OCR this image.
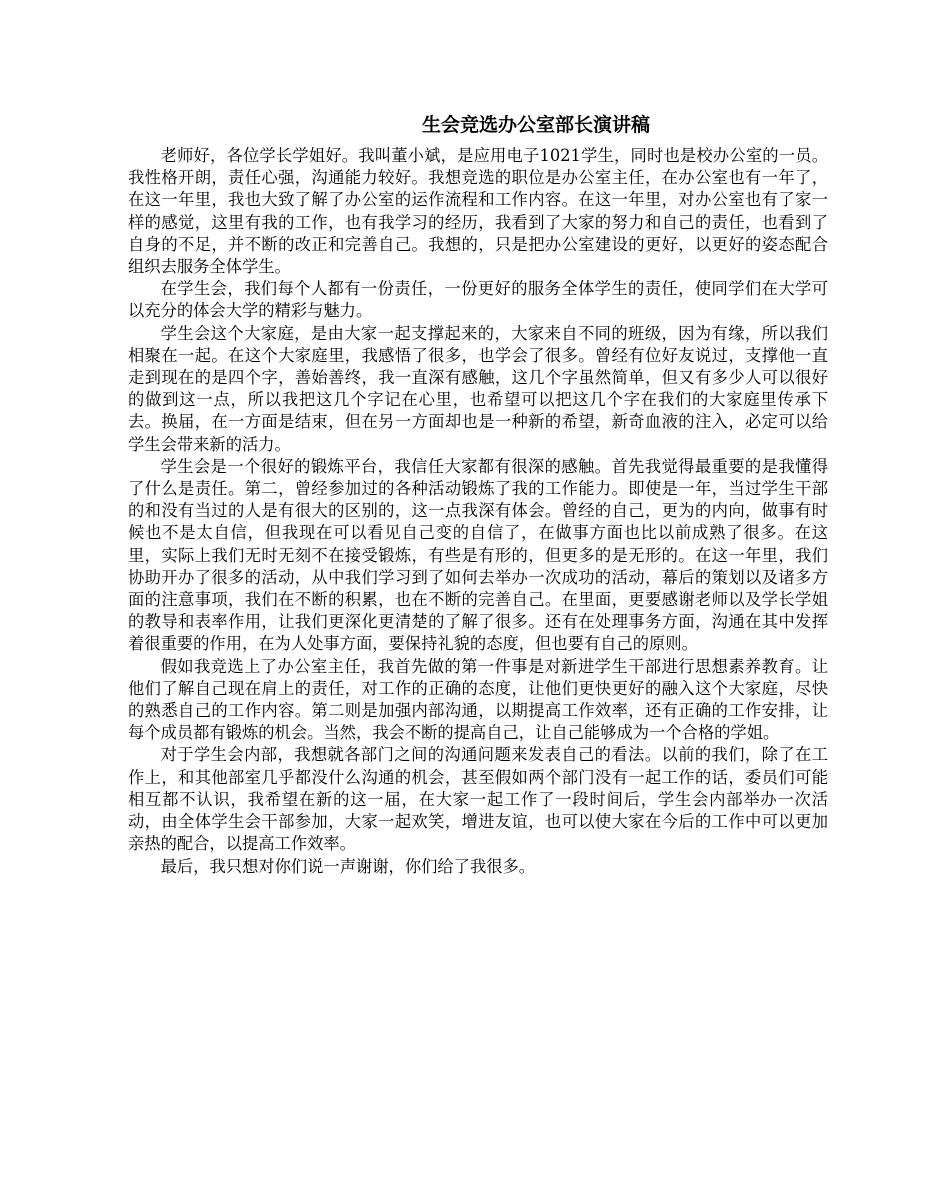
生会竞选办公室部长演讲稿

老师好，各位学长学姐好。我叫董小斌，是应用电子1021学生，同时也是校办公室的一员。我性格开朗，责任心强，沟通能力较好。我想竞选的职位是办公室主任，在办公室也有一年了，在这一年里，我也大致了解了办公室的运作流程和工作内容。在这一年里，对办公室也有了家一样的感觉，这里有我的工作，也有我学习的经历，我看到了大家的努力和自己的责任，也看到了自身的不足，并不断的改正和完善自己。我想的，只是把办公室建设的更好，以更好的姿态配合组织去服务全体学生。

在学生会，我们每个人都有一份责任，一份更好的服务全体学生的责任，使同学们在大学可以充分的体会大学的精彩与魅力。

学生会这个大家庭，是由大家一起支撑起来的，大家来自不同的班级，因为有缘，所以我们相聚在一起。在这个大家庭里，我感悟了很多，也学会了很多。曾经有位好友说过，支撑他一直走到现在的是四个字，善始善终，我一直深有感触，这几个字虽然简单，但又有多少人可以很好的做到这一点，所以我把这几个字记在心里，也希望可以把这几个字在我们的大家庭里传承下去。换届，在一方面是结束，但在另一方面却也是一种新的希望，新奇血液的注入，必定可以给学生会带来新的活力。

学生会是一个很好的锻炼平台，我信任大家都有很深的感触。首先我觉得最重要的是我懂得了什么是责任。第二，曾经参加过的各种活动锻炼了我的工作能力。即使是一年，当过学生干部的和没有当过的人是有很大的区别的，这一点我深有体会。曾经的自己，更为的内向，做事有时候也不是太自信，但我现在可以看见自己变的自信了，在做事方面也比以前成熟了很多。在这里，实际上我们无时无刻不在接受锻炼，有些是有形的，但更多的是无形的。在这一年里，我们协助开办了很多的活动，从中我们学习到了如何去举办一次成功的活动，幕后的策划以及诸多方面的注意事项，我们在不断的积累，也在不断的完善自己。在里面，更要感谢老师以及学长学姐的教导和表率作用，让我们更深化更清楚的了解了很多。还有在处理事务方面，沟通在其中发挥着很重要的作用，在为人处事方面，要保持礼貌的态度，但也要有自己的原则。

假如我竞选上了办公室主任，我首先做的第一件事是对新进学生干部进行思想素养教育。让他们了解自己现在肩上的责任，对工作的正确的态度，让他们更快更好的融入这个大家庭，尽快的熟悉自己的工作内容。第二则是加强内部沟通，以期提高工作效率，还有正确的工作安排，让每个成员都有锻炼的机会。当然，我会不断的提高自己，让自己能够成为一个合格的学姐。

对于学生会内部，我想就各部门之间的沟通问题来发表自己的看法。以前的我们，除了在工作上，和其他部室几乎都没什么沟通的机会，甚至假如两个部门没有一起工作的话，委员们可能相互都不认识，我希望在新的这一届，在大家一起工作了一段时间后，学生会内部举办一次活动，由全体学生会干部参加，大家一起欢笑，增进友谊，也可以使大家在今后的工作中可以更加亲热的配合，以提高工作效率。

最后，我只想对你们说一声谢谢，你们给了我很多。
